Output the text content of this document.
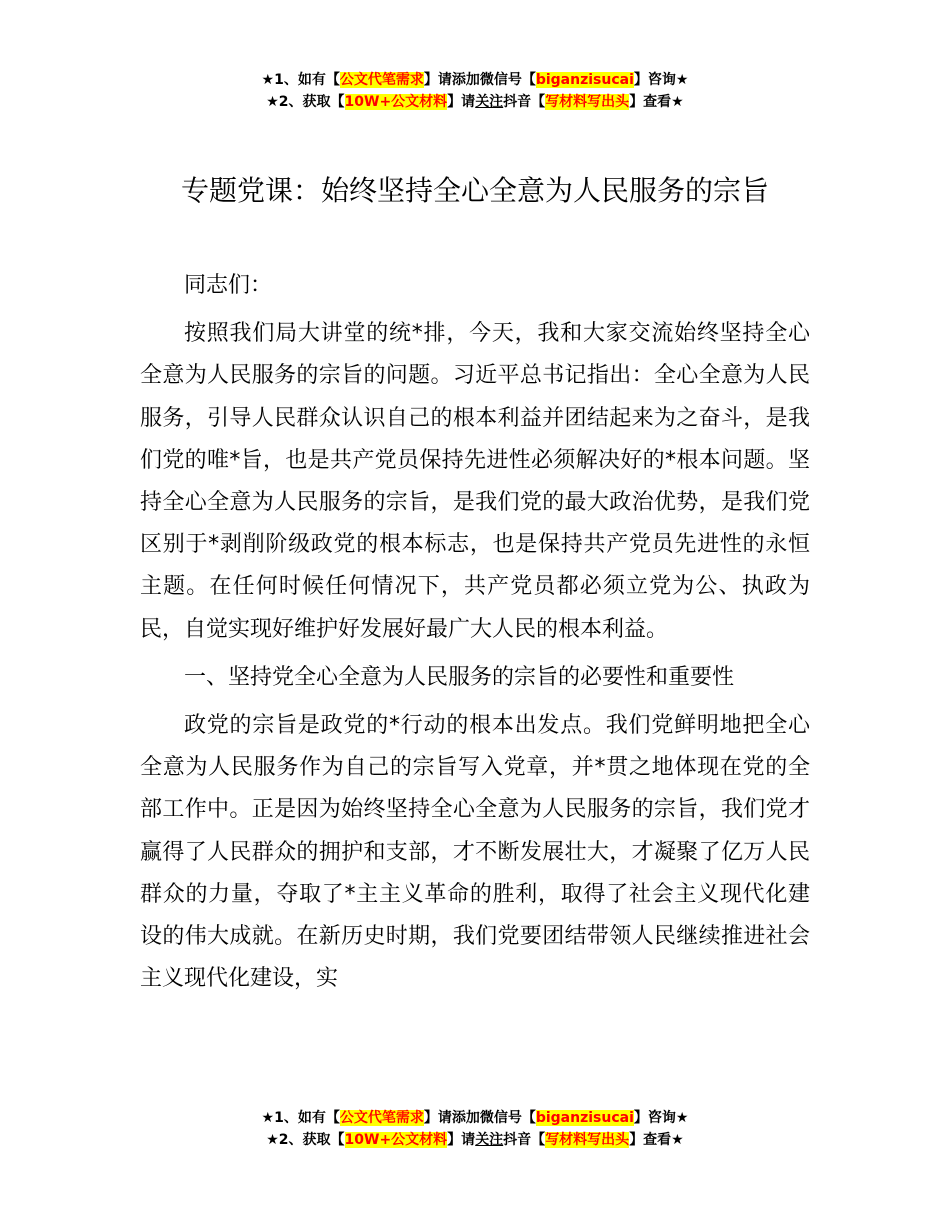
★1、如有【公文代笔需求】请添加微信号【biganzisucai】咨询★
★2、获取【10W+公文材料】请关注抖音【写材料写出头】查看★
专题党课：始终坚持全心全意为人民服务的宗旨

同志们：

按照我们局大讲堂的统*排，今天，我和大家交流始终坚持全心全意为人民服务的宗旨的问题。习近平总书记指出：全心全意为人民服务，引导人民群众认识自己的根本利益并团结起来为之奋斗，是我们党的唯*旨，也是共产党员保持先进性必须解决好的*根本问题。坚持全心全意为人民服务的宗旨，是我们党的最大政治优势，是我们党区别于*剥削阶级政党的根本标志，也是保持共产党员先进性的永恒主题。在任何时候任何情况下，共产党员都必须立党为公、执政为民，自觉实现好维护好发展好最广大人民的根本利益。

一、坚持党全心全意为人民服务的宗旨的必要性和重要性

政党的宗旨是政党的*行动的根本出发点。我们党鲜明地把全心全意为人民服务作为自己的宗旨写入党章，并*贯之地体现在党的全部工作中。正是因为始终坚持全心全意为人民服务的宗旨，我们党才赢得了人民群众的拥护和支部，才不断发展壮大，才凝聚了亿万人民群众的力量，夺取了*主主义革命的胜利，取得了社会主义现代化建设的伟大成就。在新历史时期，我们党要团结带领人民继续推进社会主义现代化建设，实

★1、如有【公文代笔需求】请添加微信号【biganzisucai】咨询★
★2、获取【10W+公文材料】请关注抖音【写材料写出头】查看★
